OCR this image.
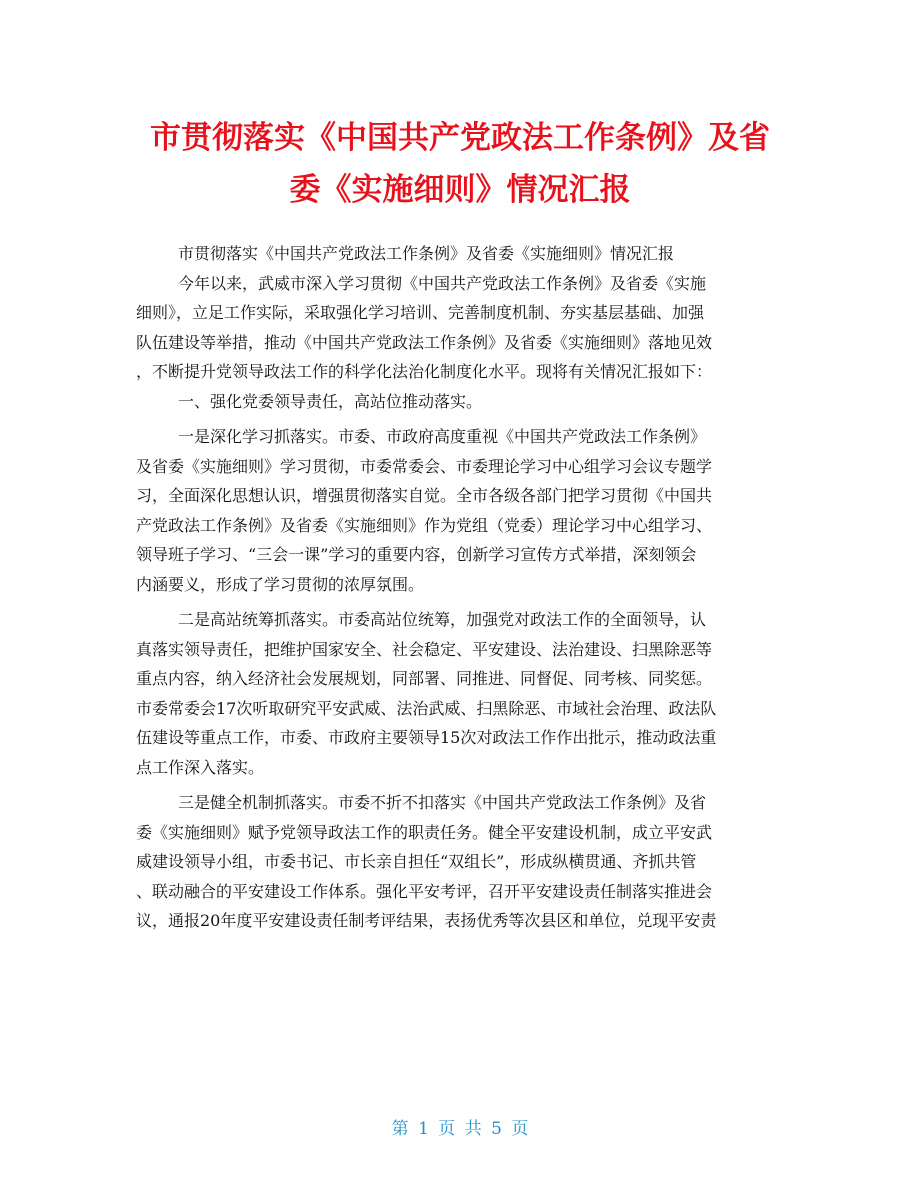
市贯彻落实《中国共产党政法工作条例》及省
委《实施细则》情况汇报
市贯彻落实《中国共产党政法工作条例》及省委《实施细则》情况汇报
今年以来，武威市深入学习贯彻《中国共产党政法工作条例》及省委《实施
细则》，立足工作实际，采取强化学习培训、完善制度机制、夯实基层基础、加强
队伍建设等举措，推动《中国共产党政法工作条例》及省委《实施细则》落地见效
，不断提升党领导政法工作的科学化法治化制度化水平。现将有关情况汇报如下：
一、强化党委领导责任，高站位推动落实。
一是深化学习抓落实。市委、市政府高度重视《中国共产党政法工作条例》
及省委《实施细则》学习贯彻，市委常委会、市委理论学习中心组学习会议专题学
习，全面深化思想认识，增强贯彻落实自觉。全市各级各部门把学习贯彻《中国共
产党政法工作条例》及省委《实施细则》作为党组（党委）理论学习中心组学习、
领导班子学习、“三会一课”学习的重要内容，创新学习宣传方式举措，深刻领会
内涵要义，形成了学习贯彻的浓厚氛围。
二是高站统筹抓落实。市委高站位统筹，加强党对政法工作的全面领导，认
真落实领导责任，把维护国家安全、社会稳定、平安建设、法治建设、扫黑除恶等
重点内容，纳入经济社会发展规划，同部署、同推进、同督促、同考核、同奖惩。
市委常委会17次听取研究平安武威、法治武威、扫黑除恶、市域社会治理、政法队
伍建设等重点工作，市委、市政府主要领导15次对政法工作作出批示，推动政法重
点工作深入落实。
三是健全机制抓落实。市委不折不扣落实《中国共产党政法工作条例》及省
委《实施细则》赋予党领导政法工作的职责任务。健全平安建设机制，成立平安武
威建设领导小组，市委书记、市长亲自担任“双组长”，形成纵横贯通、齐抓共管
、联动融合的平安建设工作体系。强化平安考评，召开平安建设责任制落实推进会
议，通报20年度平安建设责任制考评结果，表扬优秀等次县区和单位，兑现平安责
第 1 页 共 5 页
